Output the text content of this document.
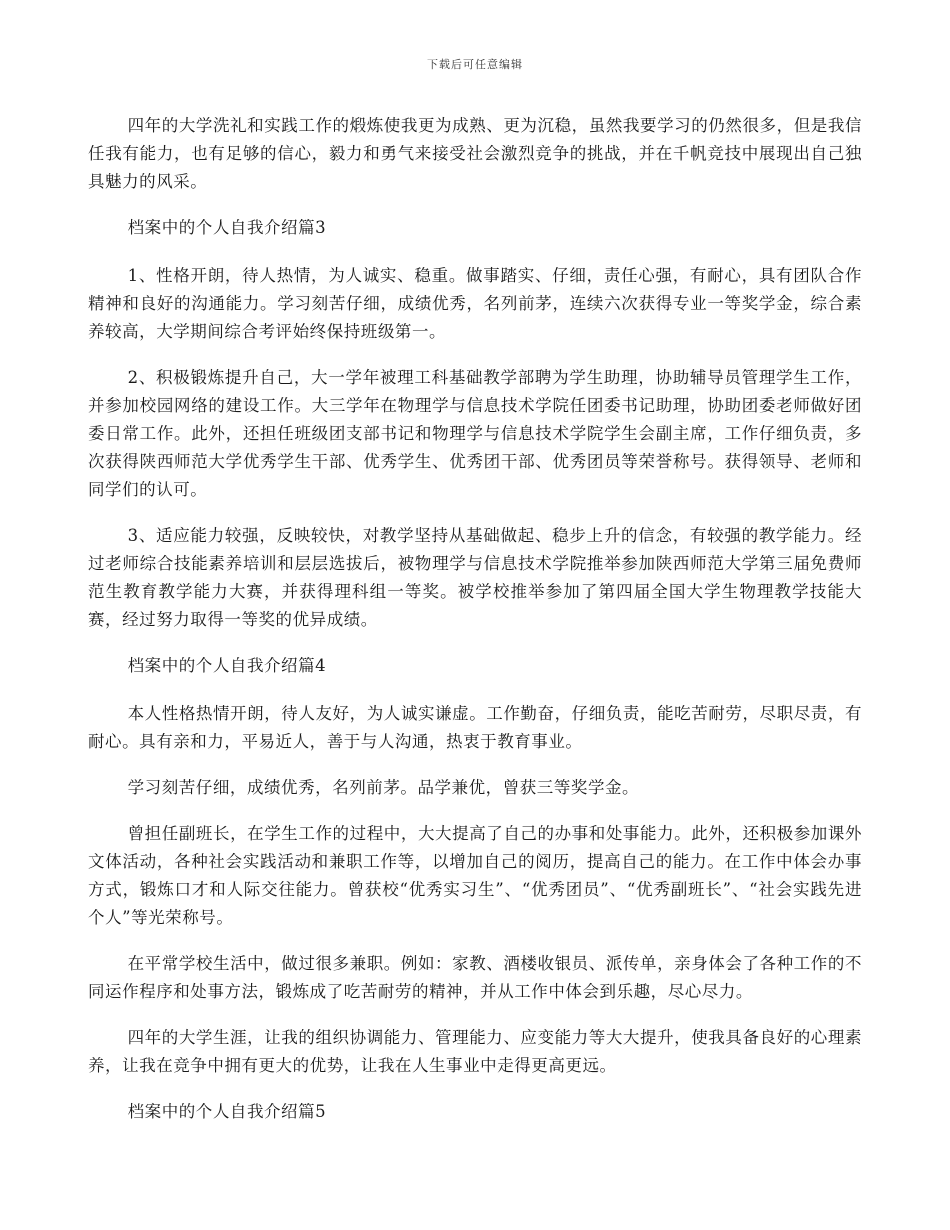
下载后可任意编辑

四年的大学洗礼和实践工作的煅炼使我更为成熟、更为沉稳，虽然我要学习的仍然很多，但是我信任我有能力，也有足够的信心，毅力和勇气来接受社会激烈竞争的挑战，并在千帆竞技中展现出自己独具魅力的风采。

档案中的个人自我介绍篇3

1、性格开朗，待人热情，为人诚实、稳重。做事踏实、仔细，责任心强，有耐心，具有团队合作精神和良好的沟通能力。学习刻苦仔细，成绩优秀，名列前茅，连续六次获得专业一等奖学金，综合素养较高，大学期间综合考评始终保持班级第一。

2、积极锻炼提升自己，大一学年被理工科基础教学部聘为学生助理，协助辅导员管理学生工作，并参加校园网络的建设工作。大三学年在物理学与信息技术学院任团委书记助理，协助团委老师做好团委日常工作。此外，还担任班级团支部书记和物理学与信息技术学院学生会副主席，工作仔细负责，多次获得陕西师范大学优秀学生干部、优秀学生、优秀团干部、优秀团员等荣誉称号。获得领导、老师和同学们的认可。

3、适应能力较强，反映较快，对教学坚持从基础做起、稳步上升的信念，有较强的教学能力。经过老师综合技能素养培训和层层选拔后，被物理学与信息技术学院推举参加陕西师范大学第三届免费师范生教育教学能力大赛，并获得理科组一等奖。被学校推举参加了第四届全国大学生物理教学技能大赛，经过努力取得一等奖的优异成绩。

档案中的个人自我介绍篇4

本人性格热情开朗，待人友好，为人诚实谦虚。工作勤奋，仔细负责，能吃苦耐劳，尽职尽责，有耐心。具有亲和力，平易近人，善于与人沟通，热衷于教育事业。

学习刻苦仔细，成绩优秀，名列前茅。品学兼优，曾获三等奖学金。

曾担任副班长，在学生工作的过程中，大大提高了自己的办事和处事能力。此外，还积极参加课外文体活动，各种社会实践活动和兼职工作等，以增加自己的阅历，提高自己的能力。在工作中体会办事方式，锻炼口才和人际交往能力。曾获校“优秀实习生”、“优秀团员”、“优秀副班长”、“社会实践先进个人”等光荣称号。

在平常学校生活中，做过很多兼职。例如：家教、酒楼收银员、派传单，亲身体会了各种工作的不同运作程序和处事方法，锻炼成了吃苦耐劳的精神，并从工作中体会到乐趣，尽心尽力。

四年的大学生涯，让我的组织协调能力、管理能力、应变能力等大大提升，使我具备良好的心理素养，让我在竞争中拥有更大的优势，让我在人生事业中走得更高更远。

档案中的个人自我介绍篇5
